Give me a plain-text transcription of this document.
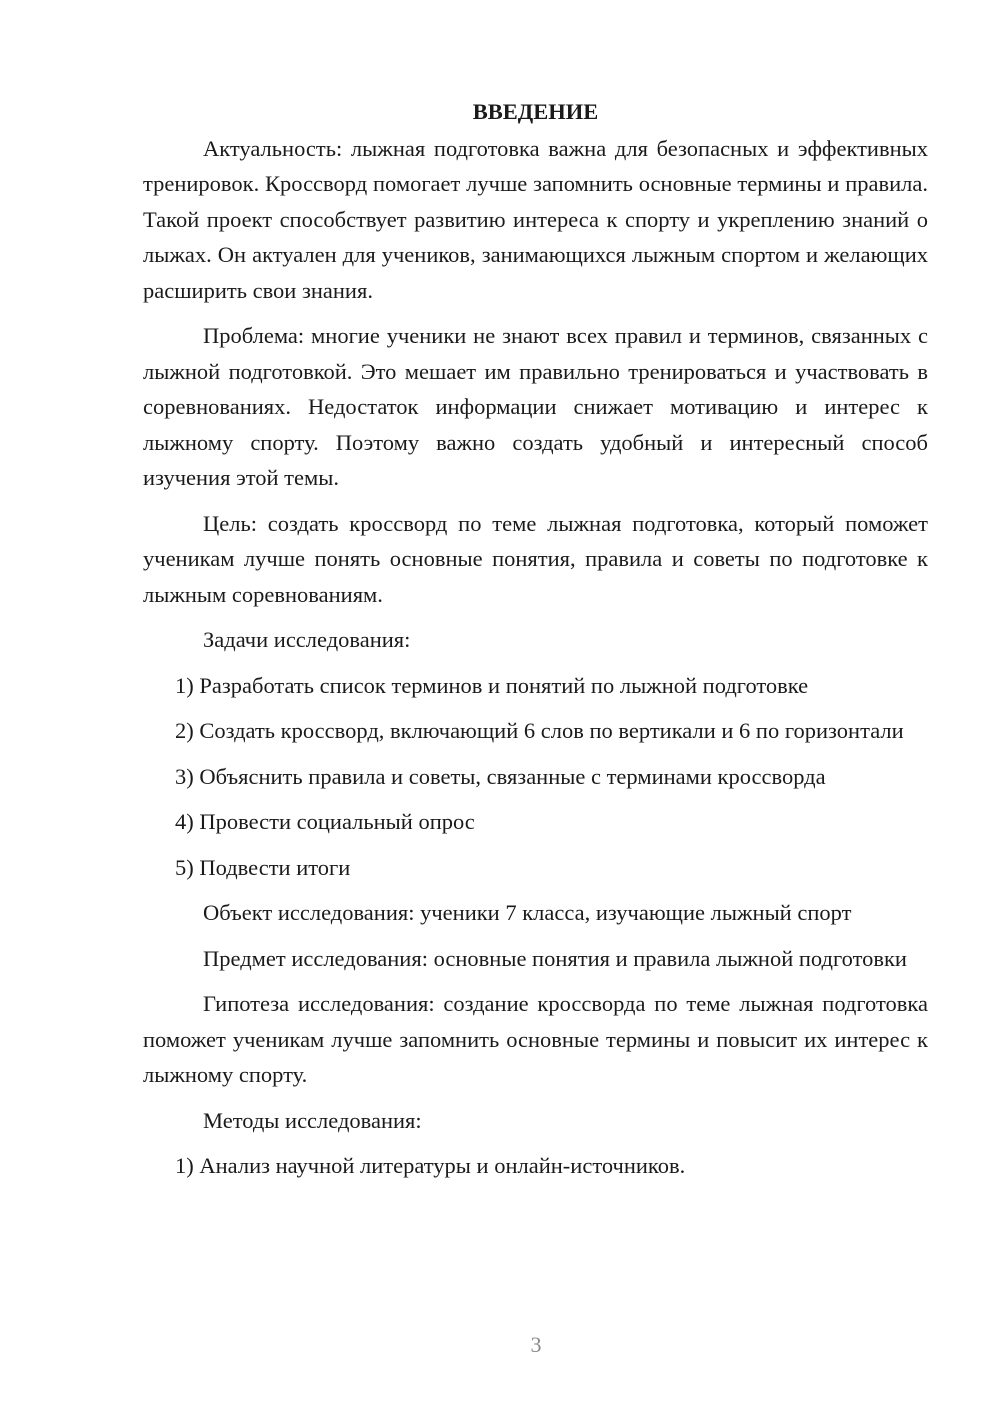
ВВЕДЕНИЕ

Актуальность: лыжная подготовка важна для безопасных и эффективных тренировок. Кроссворд помогает лучше запомнить основные термины и правила. Такой проект способствует развитию интереса к спорту и укреплению знаний о лыжах. Он актуален для учеников, занимающихся лыжным спортом и желающих расширить свои знания.

Проблема: многие ученики не знают всех правил и терминов, связанных с лыжной подготовкой. Это мешает им правильно тренироваться и участвовать в соревнованиях. Недостаток информации снижает мотивацию и интерес к лыжному спорту. Поэтому важно создать удобный и интересный способ изучения этой темы.

Цель: создать кроссворд по теме лыжная подготовка, который поможет ученикам лучше понять основные понятия, правила и советы по подготовке к лыжным соревнованиям.

Задачи исследования:

1) Разработать список терминов и понятий по лыжной подготовке

2) Создать кроссворд, включающий 6 слов по вертикали и 6 по горизонтали

3) Объяснить правила и советы, связанные с терминами кроссворда

4) Провести социальный опрос

5) Подвести итоги

Объект исследования: ученики 7 класса, изучающие лыжный спорт

Предмет исследования: основные понятия и правила лыжной подготовки

Гипотеза исследования: создание кроссворда по теме лыжная подготовка поможет ученикам лучше запомнить основные термины и повысит их интерес к лыжному спорту.

Методы исследования:

1) Анализ научной литературы и онлайн-источников.

3
